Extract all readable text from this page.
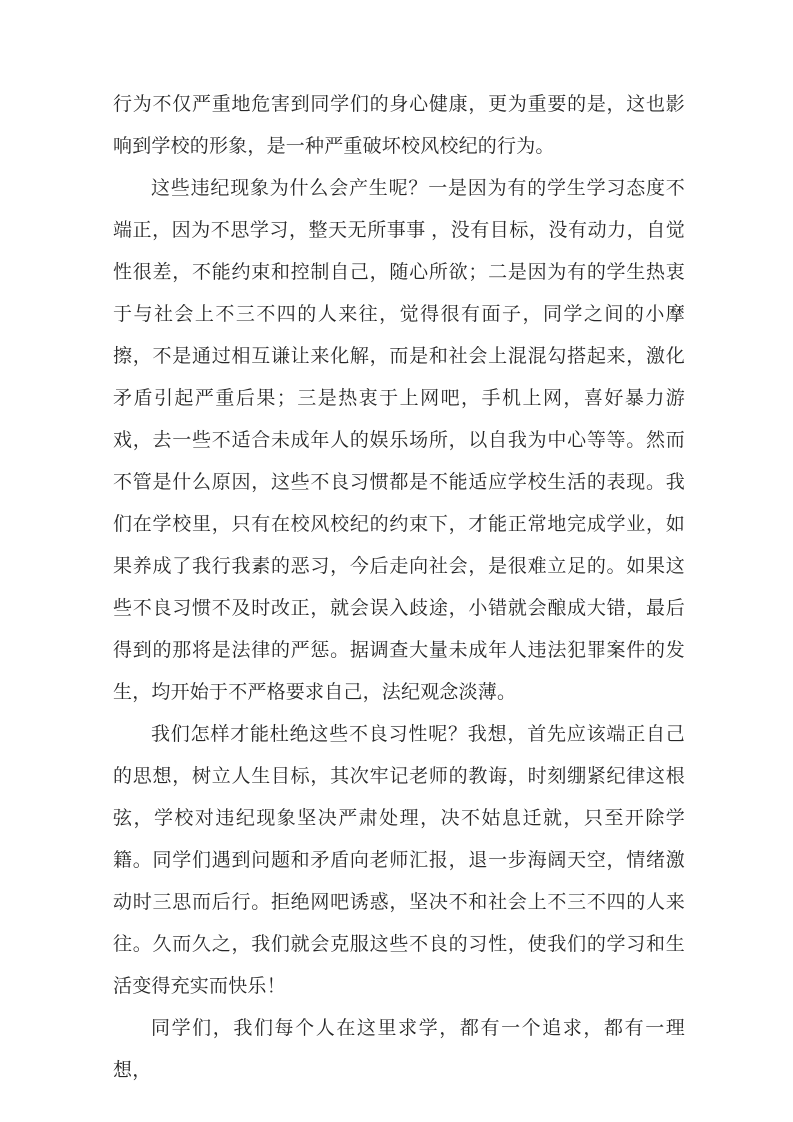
行为不仅严重地危害到同学们的身心健康，更为重要的是，这也影响到学校的形象，是一种严重破坏校风校纪的行为。

这些违纪现象为什么会产生呢？一是因为有的学生学习态度不端正，因为不思学习，整天无所事事 ，没有目标，没有动力，自觉性很差，不能约束和控制自己，随心所欲；二是因为有的学生热衷于与社会上不三不四的人来往，觉得很有面子，同学之间的小摩擦，不是通过相互谦让来化解，而是和社会上混混勾搭起来，激化矛盾引起严重后果；三是热衷于上网吧，手机上网，喜好暴力游戏，去一些不适合未成年人的娱乐场所，以自我为中心等等。然而不管是什么原因，这些不良习惯都是不能适应学校生活的表现。我们在学校里，只有在校风校纪的约束下，才能正常地完成学业，如果养成了我行我素的恶习，今后走向社会，是很难立足的。如果这些不良习惯不及时改正，就会误入歧途，小错就会酿成大错，最后得到的那将是法律的严惩。据调查大量未成年人违法犯罪案件的发生，均开始于不严格要求自己，法纪观念淡薄。

我们怎样才能杜绝这些不良习性呢？我想，首先应该端正自己的思想，树立人生目标，其次牢记老师的教诲，时刻绷紧纪律这根弦，学校对违纪现象坚决严肃处理，决不姑息迁就，只至开除学籍。同学们遇到问题和矛盾向老师汇报，退一步海阔天空，情绪激动时三思而后行。拒绝网吧诱惑，坚决不和社会上不三不四的人来往。久而久之，我们就会克服这些不良的习性，使我们的学习和生活变得充实而快乐！

同学们，我们每个人在这里求学，都有一个追求，都有一理想，
